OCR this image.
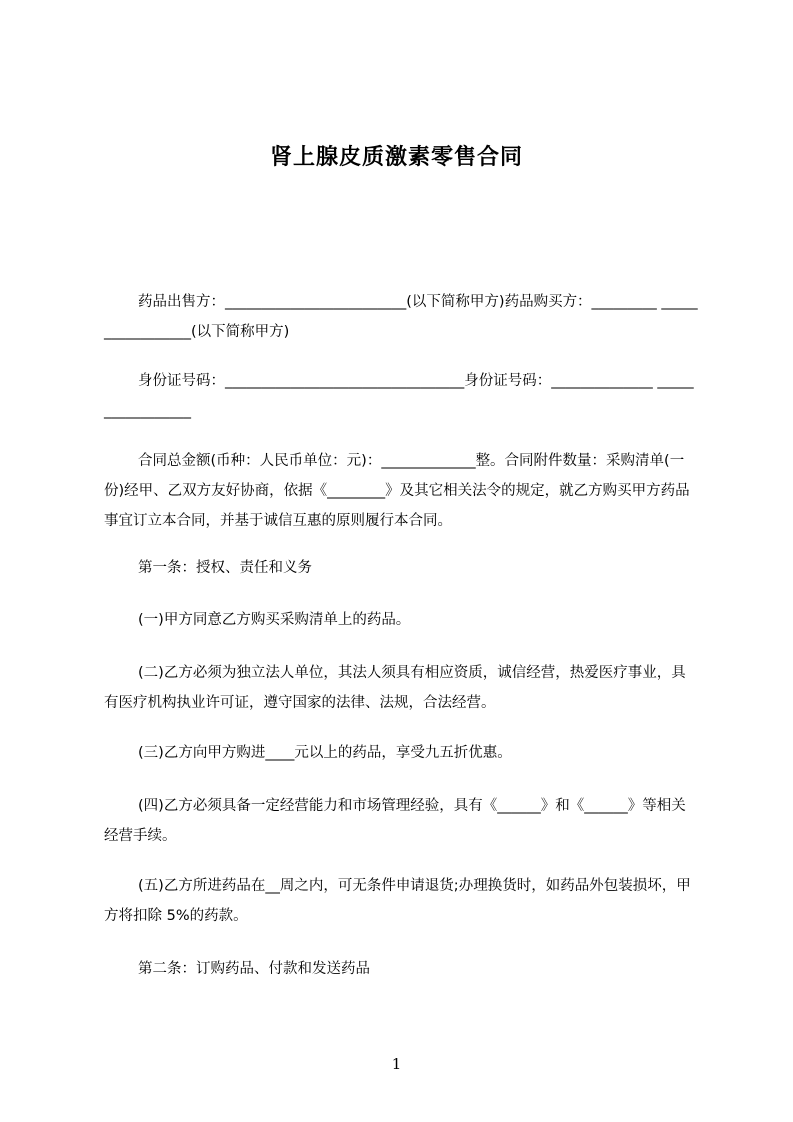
肾上腺皮质激素零售合同

药品出售方：_________________________(以下简称甲方)药品购买方：_________ _________________(以下简称甲方)

身份证号码：_________________________________身份证号码：______________ _________________

合同总金额(币种：人民币单位：元)：_____________整。合同附件数量：采购清单(一份)经甲、乙双方友好协商，依据《________》及其它相关法令的规定，就乙方购买甲方药品事宜订立本合同，并基于诚信互惠的原则履行本合同。

第一条：授权、责任和义务

(一)甲方同意乙方购买采购清单上的药品。

(二)乙方必须为独立法人单位，其法人须具有相应资质，诚信经营，热爱医疗事业，具有医疗机构执业许可证，遵守国家的法律、法规，合法经营。

(三)乙方向甲方购进____元以上的药品，享受九五折优惠。

(四)乙方必须具备一定经营能力和市场管理经验，具有《______》和《______》等相关经营手续。

(五)乙方所进药品在__周之内，可无条件申请退货;办理换货时，如药品外包装损坏，甲方将扣除 5%的药款。

第二条：订购药品、付款和发送药品

1
